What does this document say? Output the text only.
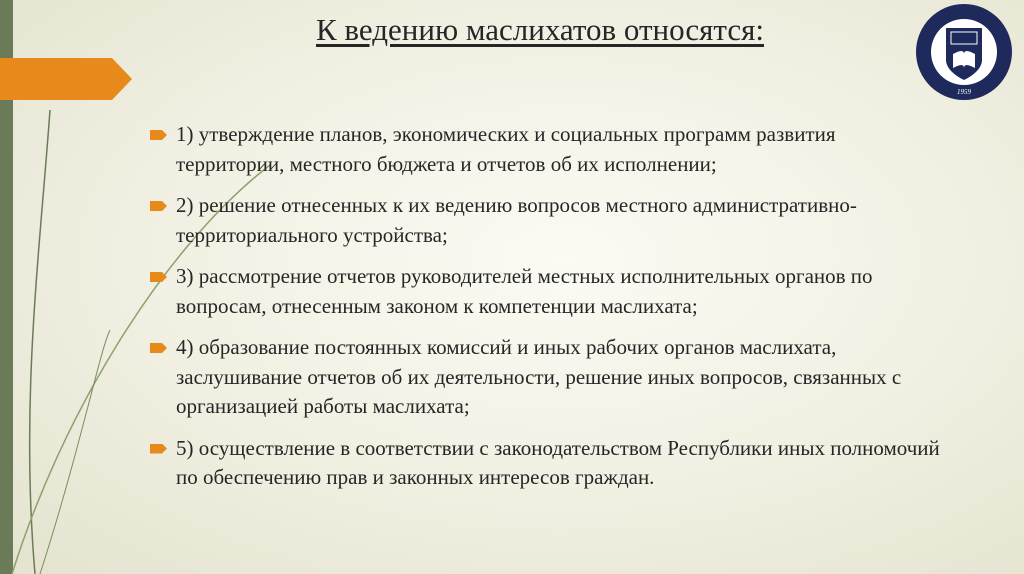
К ведению маслихатов относятся:
1959
1) утверждение планов, экономических и социальных программ развития территории, местного бюджета и отчетов об их исполнении;
2) решение отнесенных к их ведению вопросов местного административно-территориального устройства;
3) рассмотрение отчетов руководителей местных исполнительных органов по вопросам, отнесенным законом к компетенции маслихата;
4) образование постоянных комиссий и иных рабочих органов маслихата, заслушивание отчетов об их деятельности, решение иных вопросов, связанных с организацией работы маслихата;
5) осуществление в соответствии с законодательством Республики иных полномочий по обеспечению прав и законных интересов граждан.
